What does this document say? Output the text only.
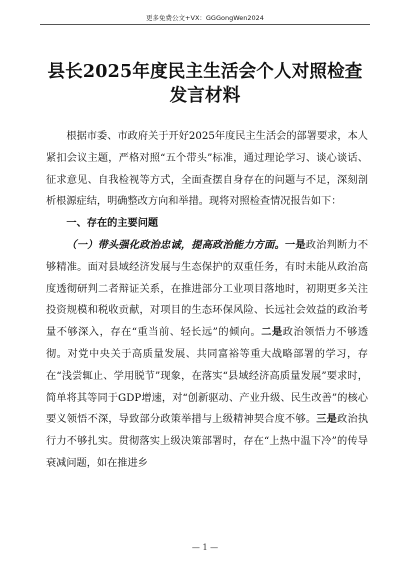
更多免费公文+VX：GGGongWen2024
县长2025年度民主生活会个人对照检查
发言材料

根据市委、市政府关于开好2025年度民主生活会的部署要求，本人紧扣会议主题，严格对照“五个带头”标准，通过理论学习、谈心谈话、征求意见、自我检视等方式，全面查摆自身存在的问题与不足，深刻剖析根源症结，明确整改方向和举措。现将对照检查情况报告如下：

一、存在的主要问题

（一）带头强化政治忠诚，提高政治能力方面。一是政治判断力不够精准。面对县域经济发展与生态保护的双重任务，有时未能从政治高度透彻研判二者辩证关系，在推进部分工业项目落地时，初期更多关注投资规模和税收贡献，对项目的生态环保风险、长远社会效益的政治考量不够深入，存在“重当前、轻长远”的倾向。二是政治领悟力不够透彻。对党中央关于高质量发展、共同富裕等重大战略部署的学习，存在“浅尝辄止、学用脱节”现象，在落实“县域经济高质量发展”要求时，简单将其等同于GDP增速，对“创新驱动、产业升级、民生改善”的核心要义领悟不深，导致部分政策举措与上级精神契合度不够。三是政治执行力不够扎实。贯彻落实上级决策部署时，存在“上热中温下冷”的传导衰减问题，如在推进乡

— 1 —
